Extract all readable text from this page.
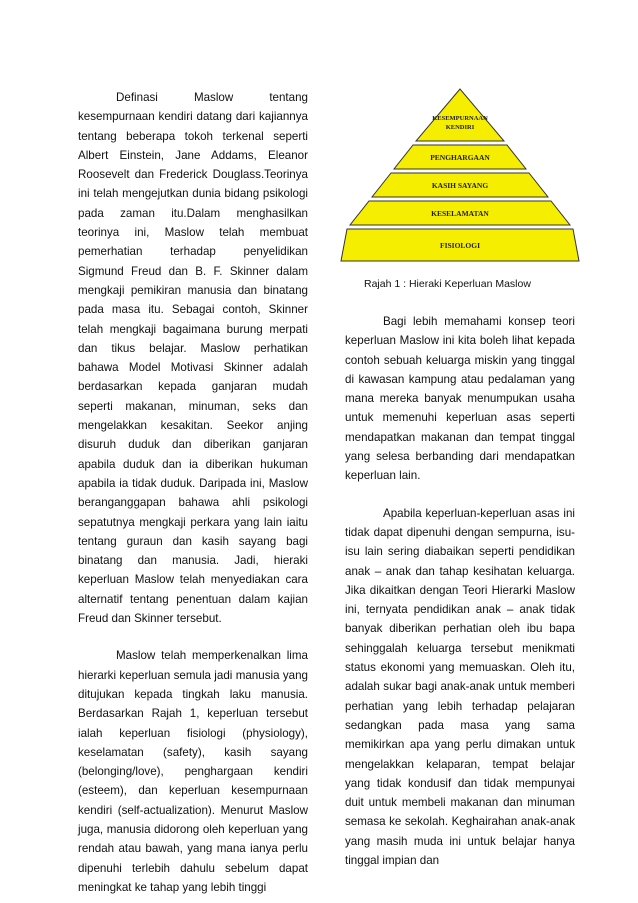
Definasi Maslow tentang kesempurnaan kendiri datang dari kajiannya tentang beberapa tokoh terkenal seperti Albert Einstein, Jane Addams, Eleanor Roosevelt dan Frederick Douglass.Teorinya ini telah mengejutkan dunia bidang psikologi pada zaman itu.Dalam menghasilkan teorinya ini, Maslow telah membuat pemerhatian terhadap penyelidikan Sigmund Freud dan B. F. Skinner dalam mengkaji pemikiran manusia dan binatang pada masa itu. Sebagai contoh, Skinner telah mengkaji bagaimana burung merpati dan tikus belajar. Maslow perhatikan bahawa Model Motivasi Skinner adalah berdasarkan kepada ganjaran mudah seperti makanan, minuman, seks dan mengelakkan kesakitan. Seekor anjing disuruh duduk dan diberikan ganjaran apabila duduk dan ia diberikan hukuman apabila ia tidak duduk. Daripada ini, Maslow beranganggapan bahawa ahli psikologi sepatutnya mengkaji perkara yang lain iaitu tentang guraun dan kasih sayang bagi binatang dan manusia. Jadi, hieraki keperluan Maslow telah menyediakan cara alternatif tentang penentuan dalam kajian Freud dan Skinner tersebut.

Maslow telah memperkenalkan lima hierarki keperluan semula jadi manusia yang ditujukan kepada tingkah laku manusia. Berdasarkan Rajah 1, keperluan tersebut ialah keperluan fisiologi (physiology), keselamatan (safety), kasih sayang (belonging/love), penghargaan kendiri (esteem), dan keperluan kesempurnaan kendiri (self-actualization). Menurut Maslow juga, manusia didorong oleh keperluan yang rendah atau bawah, yang mana ianya perlu dipenuhi terlebih dahulu sebelum dapat meningkat ke tahap yang lebih tinggi

KESEMPURNAAN KENDIRI
PENGHARGAAN
KASIH SAYANG
KESELAMATAN
FISIOLOGI
Rajah 1 : Hieraki Keperluan Maslow

Bagi lebih memahami konsep teori keperluan Maslow ini kita boleh lihat kepada contoh sebuah keluarga miskin yang tinggal di kawasan kampung atau pedalaman yang mana mereka banyak menumpukan usaha untuk memenuhi keperluan asas seperti mendapatkan makanan dan tempat tinggal yang selesa berbanding dari mendapatkan keperluan lain.

Apabila keperluan-keperluan asas ini tidak dapat dipenuhi dengan sempurna, isu- isu lain sering diabaikan seperti pendidikan anak – anak dan tahap kesihatan keluarga. Jika dikaitkan dengan Teori Hierarki Maslow ini, ternyata pendidikan anak – anak tidak banyak diberikan perhatian oleh ibu bapa sehinggalah keluarga tersebut menikmati status ekonomi yang memuaskan. Oleh itu, adalah sukar bagi anak-anak untuk memberi perhatian yang lebih terhadap pelajaran sedangkan pada masa yang sama memikirkan apa yang perlu dimakan untuk mengelakkan kelaparan, tempat belajar yang tidak kondusif dan tidak mempunyai duit untuk membeli makanan dan minuman semasa ke sekolah. Keghairahan anak-anak yang masih muda ini untuk belajar hanya tinggal impian dan
